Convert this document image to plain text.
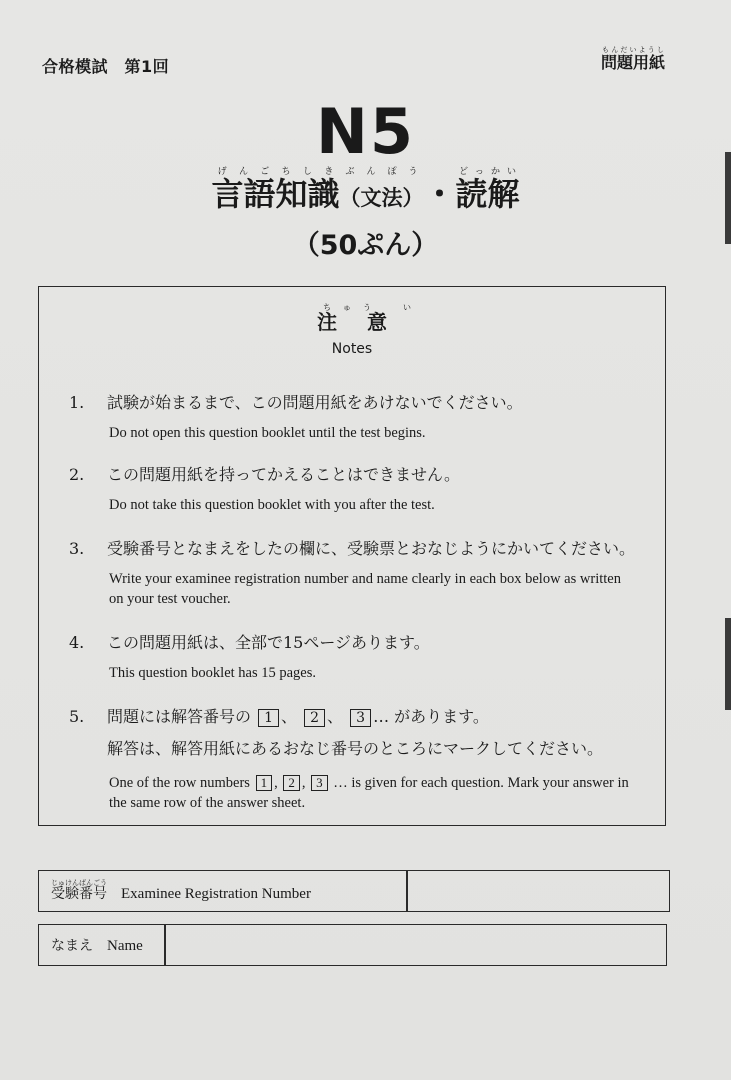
合格模試　第1回	問題用紙もんだいようし
N5
言語げんご知識ちしき（文法）ぶんぽう・読解どっかい
（50ぷん）
注意ちゅう　	い
Notes
1. 試験が始まるまで、この問題用紙をあけないでください。
Do not open this question booklet until the test begins.
2. この問題用紙を持ってかえることはできません。
Do not take this question booklet with you after the test.
3. 受験番号となまえをしたの欄に、受験票とおなじようにかいてください。
Write your examinee registration number and name clearly in each box below as written on your test voucher.
4. この問題用紙は、全部で15ページあります。
This question booklet has 15 pages.
5. 問題には解答番号の 1 、 2 、 3 … があります。
解答は、解答用紙にあるおなじ番号のところにマークしてください。
One of the row numbers 1 , 2 , 3 … is given for each question. Mark your answer in the same row of the answer sheet.
受験番号じゅけんばんごうExaminee Registration Number
なまえ Name
